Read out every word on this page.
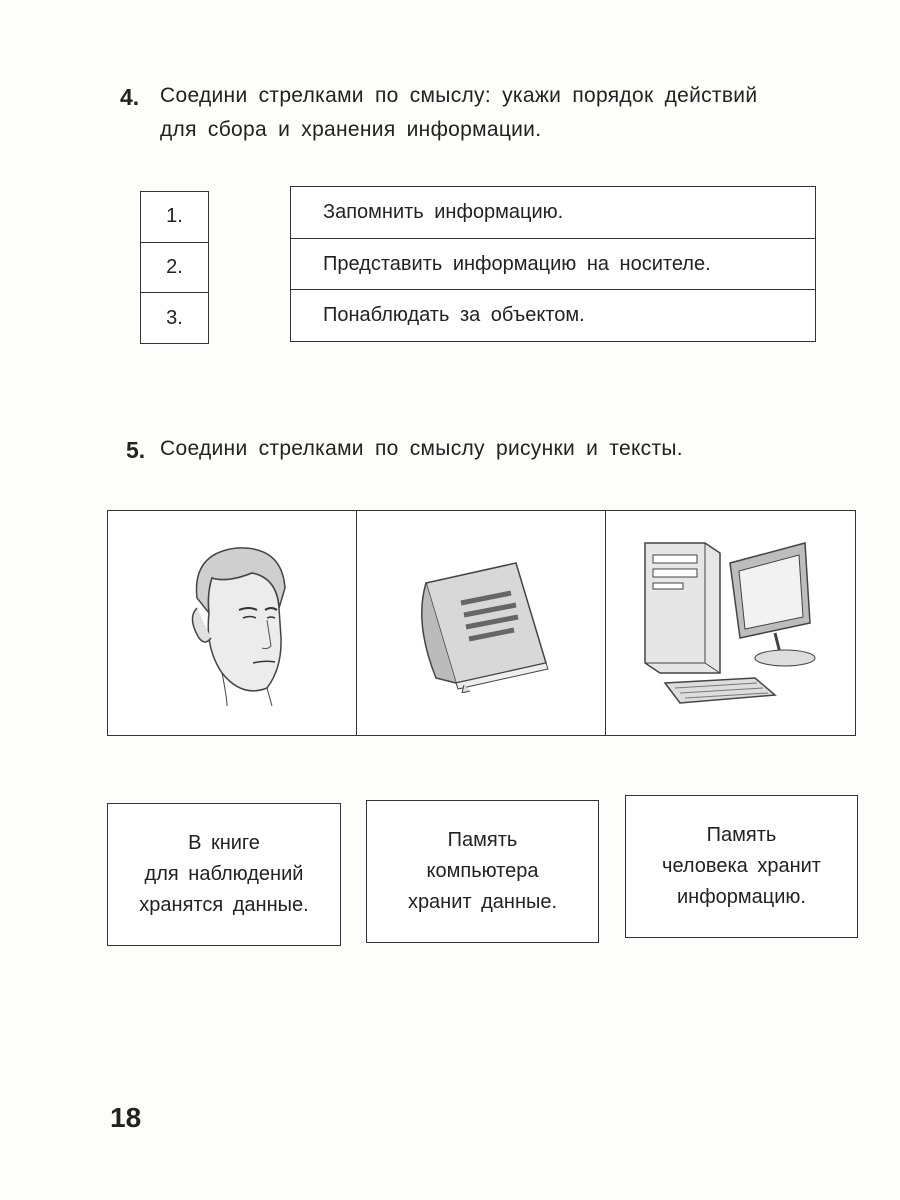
4. Соедини стрелками по смыслу: укажи порядок действий
для сбора и хранения информации.
1.
2.
3.
Запомнить информацию.
Представить информацию на носителе.
Понаблюдать за объектом.
5. Соедини стрелками по смыслу рисунки и тексты.
В книге
для наблюдений
хранятся данные.
Память
компьютера
хранит данные.
Память
человека хранит
информацию.
18
